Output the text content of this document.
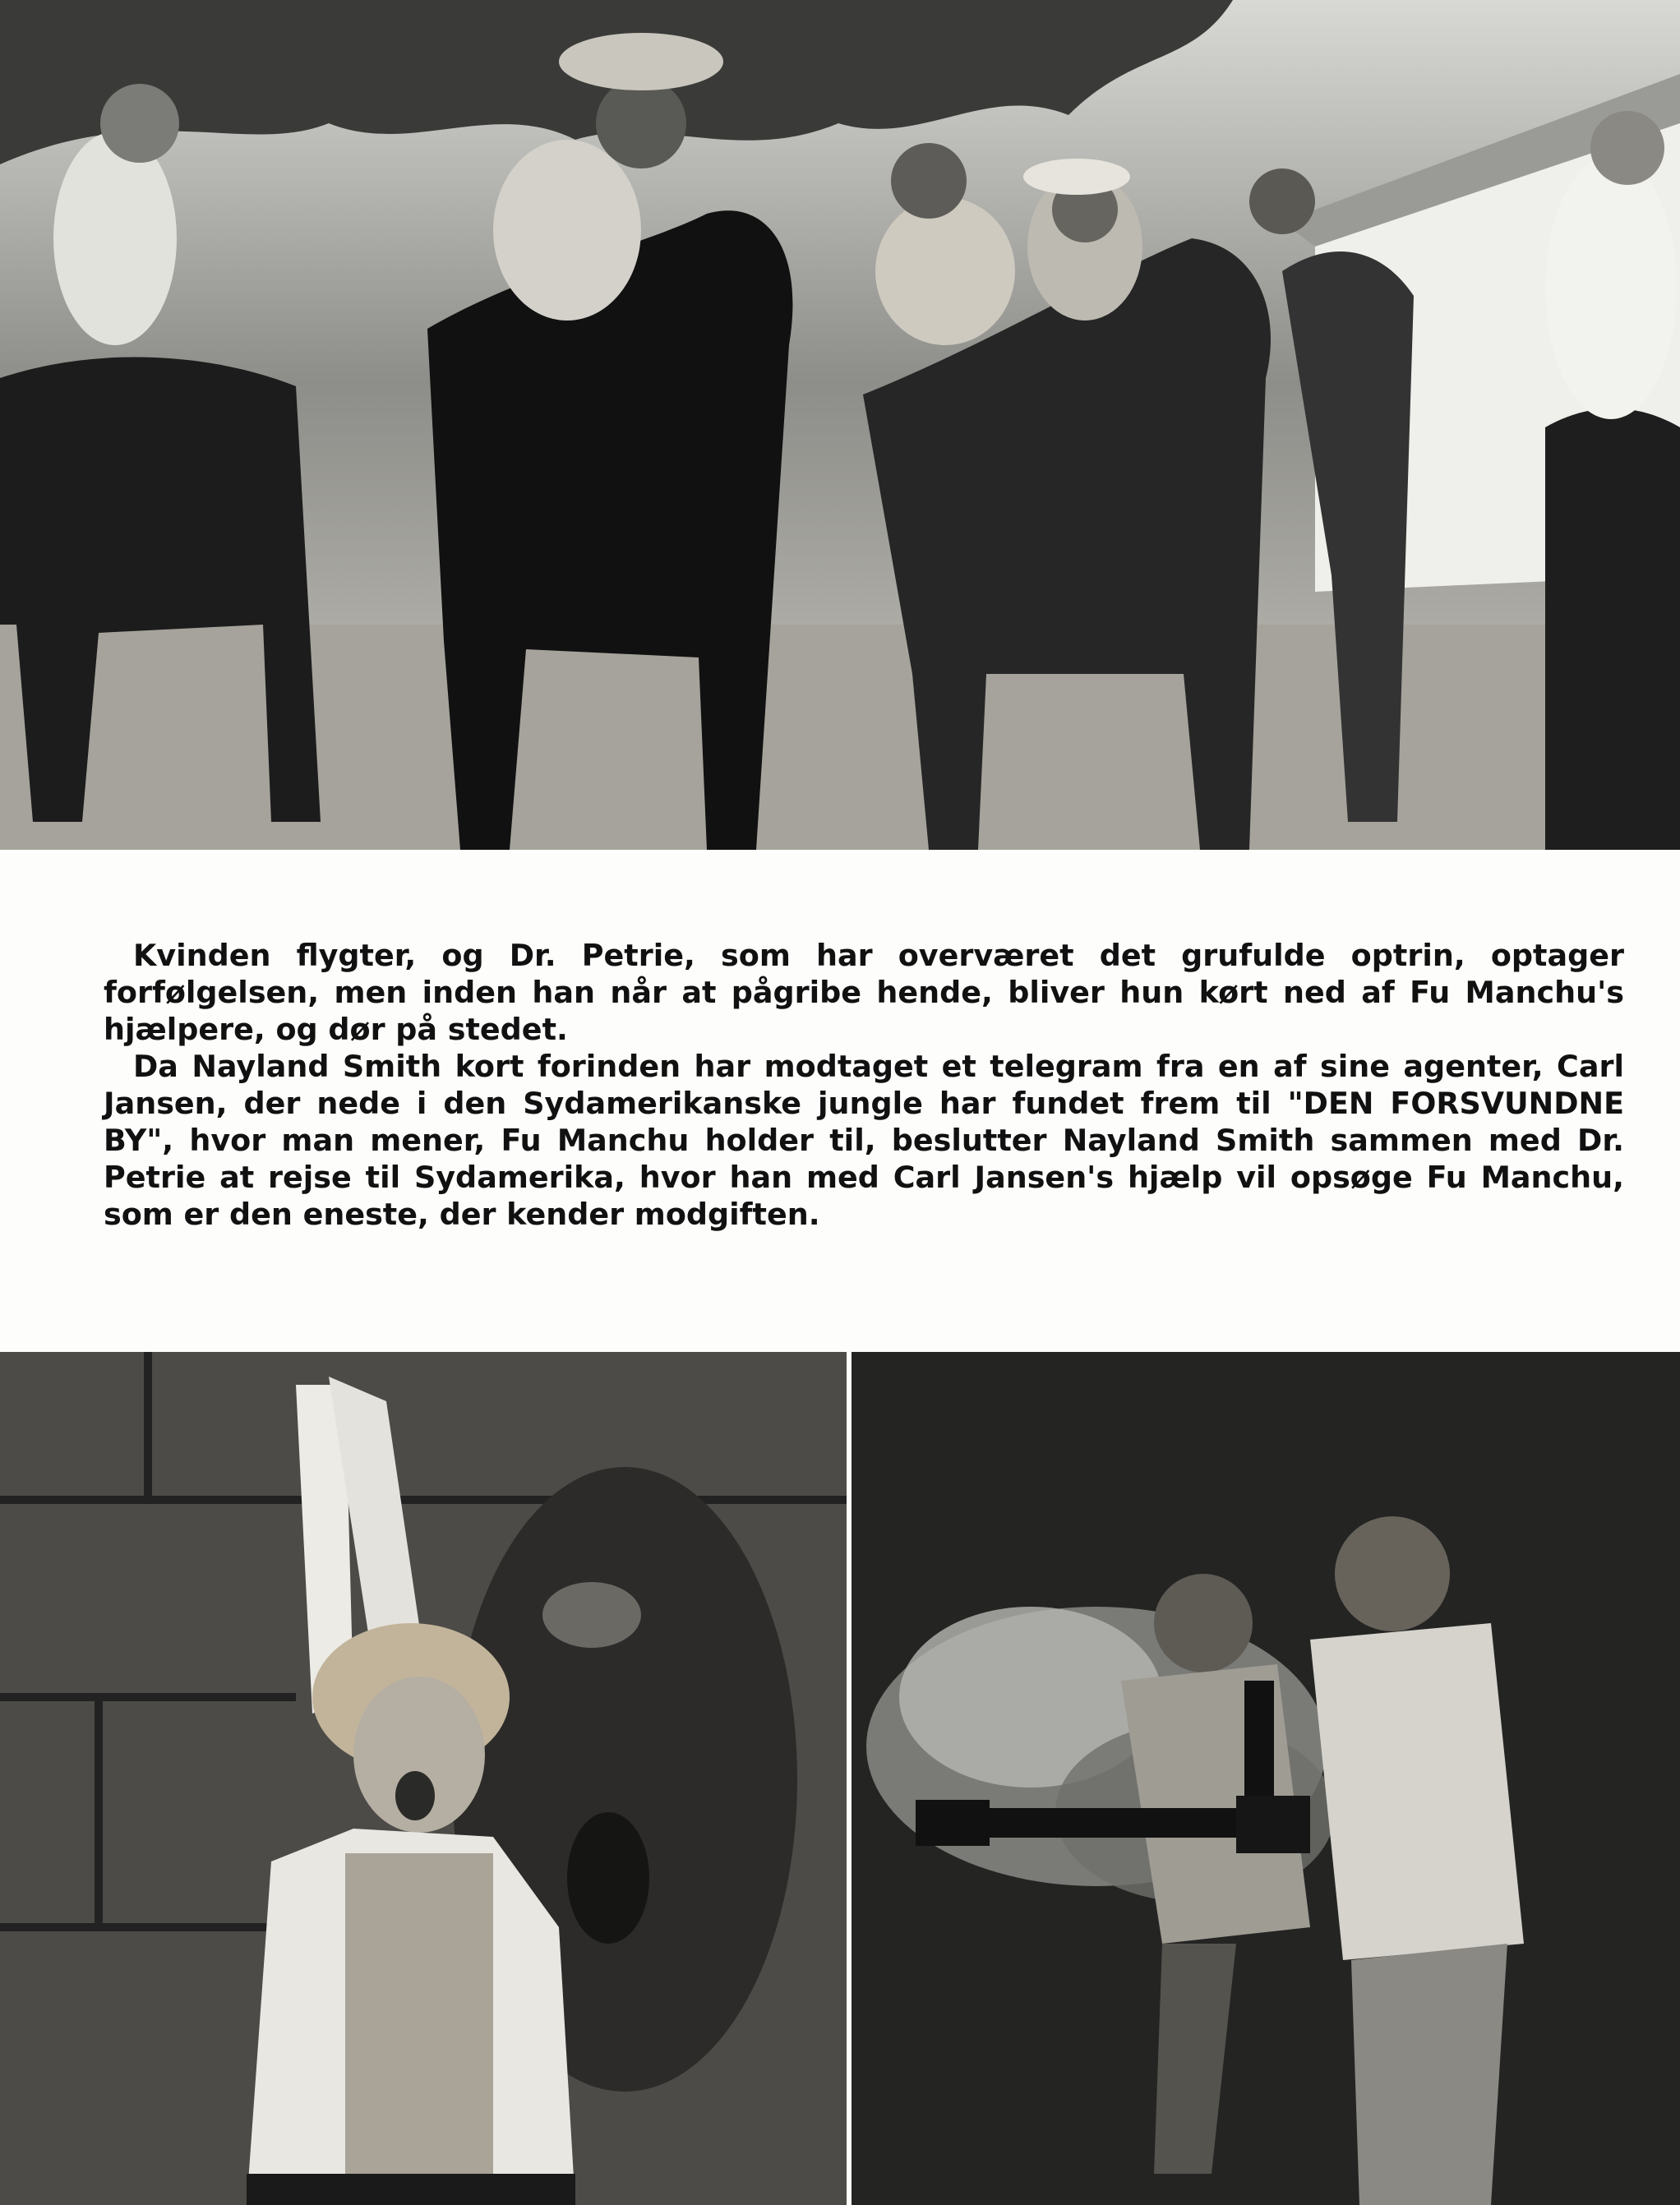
Kvinden flygter, og Dr. Petrie, som har overværet det grufulde optrin, optager forfølgelsen, men inden han når at pågribe hende, bliver hun kørt ned af Fu Manchu's hjælpere, og dør på stedet.

Da Nayland Smith kort forinden har modtaget et telegram fra en af sine agenter, Carl Jansen, der nede i den Sydamerikanske jungle har fundet frem til "DEN FORSVUNDNE BY", hvor man mener, Fu Manchu holder til, beslutter Nayland Smith sammen med Dr. Petrie at rejse til Sydamerika, hvor han med Carl Jansen's hjælp vil opsøge Fu Manchu, som er den eneste, der kender modgiften.
